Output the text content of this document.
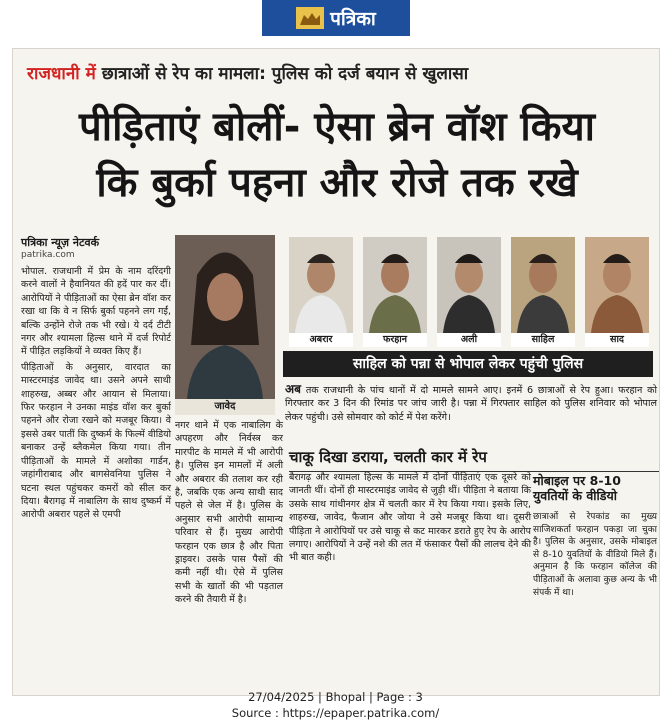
पत्रिका
राजधानी में छात्राओं से रेप का मामला: पुलिस को दर्ज बयान से खुलासा
पीड़िताएं बोलीं- ऐसा ब्रेन वॉश किया
कि बुर्का पहना और रोजे तक रखे
पत्रिका न्यूज़ नेटवर्क
patrika.com

भोपाल. राजधानी में प्रेम के नाम दरिंदगी करने वालों ने हैवानियत की हदें पार कर दीं। आरोपियों ने पीड़िताओं का ऐसा ब्रेन वॉश कर रखा था कि वे न सिर्फ बुर्का पहनने लग गईं, बल्कि उन्होंने रोजे तक भी रखे। ये दर्द टीटी नगर और श्यामला हिल्स थाने में दर्ज रिपोर्ट में पीड़ित लड़कियों ने व्यक्त किए हैं।

पीड़िताओं के अनुसार, वारदात का मास्टरमाइंड जावेद था। उसने अपने साथी शाहरुख, अब्बर और आयान से मिलाया। फिर फरहान ने उनका माइंड वॉश कर बुर्का पहनने और रोजा रखने को मजबूर किया। वे इससे उबर पातीं कि दुष्कर्म के फिल्में वीडियो बनाकर उन्हें ब्लैकमेल किया गया। तीन पीड़िताओं के मामले में अशोका गार्डन, जहांगीराबाद और बागसेवनिया पुलिस ने घटना स्थल पहुंचकर कमरों को सील कर दिया। बैरागढ़ में नाबालिग के साथ दुष्कर्म में आरोपी अबरार पहले से एमपी

जावेद
अबरार	फरहान	अली	साहिल	साद
साहिल को पन्ना से भोपाल लेकर पहुंची पुलिस
अब तक राजधानी के पांच थानों में दो मामले सामने आए। इनमें 6 छात्राओं से रेप हुआ। फरहान को गिरफ्तार कर 3 दिन की रिमांड पर जांच जारी है। पन्ना में गिरफ्तार साहिल को पुलिस शनिवार को भोपाल लेकर पहुंची। उसे सोमवार को कोर्ट में पेश करेंगे।
नगर थाने में एक नाबालिग के अपहरण और निर्वस्त्र कर मारपीट के मामले में भी आरोपी है। पुलिस इन मामलों में अली और अबरार की तलाश कर रही है, जबकि एक अन्य साथी साद पहले से जेल में है। पुलिस के अनुसार सभी आरोपी सामान्य परिवार से हैं। मुख्य आरोपी फरहान एक छात्र है और पिता ड्राइवर। उसके पास पैसों की कमी नहीं थी। ऐसे में पुलिस सभी के खातों की भी पड़ताल करने की तैयारी में है।
चाकू दिखा डराया, चलती कार में रेप
बैरागढ़ और श्यामला हिल्स के मामले में दोनों पीड़िताएं एक दूसरे को जानती थीं। दोनों ही मास्टरमाइंड जावेद से जुड़ी थीं। पीड़िता ने बताया कि उसके साथ गांधीनगर क्षेत्र में चलती कार में रेप किया गया। इसके लिए, शाहरुख, जावेद, फैजान और जोया ने उसे मजबूर किया था। दूसरी पीड़िता ने आरोपियों पर उसे चाकू से कट मारकर डराते हुए रेप के आरोप लगाए। आरोपियों ने उन्हें नशे की लत में फंसाकर पैसों की लालच देने की भी बात कही।
मोबाइल पर 8-10 युवतियों के वीडियो
छात्राओं से रेपकांड का मुख्य साजिशकर्ता फरहान पकड़ा जा चुका है। पुलिस के अनुसार, उसके मोबाइल से 8-10 युवतियों के वीडियो मिले हैं। अनुमान है कि फरहान कॉलेज की पीड़िताओं के अलावा कुछ अन्य के भी संपर्क में था।
27/04/2025 | Bhopal | Page : 3
Source : https://epaper.patrika.com/
